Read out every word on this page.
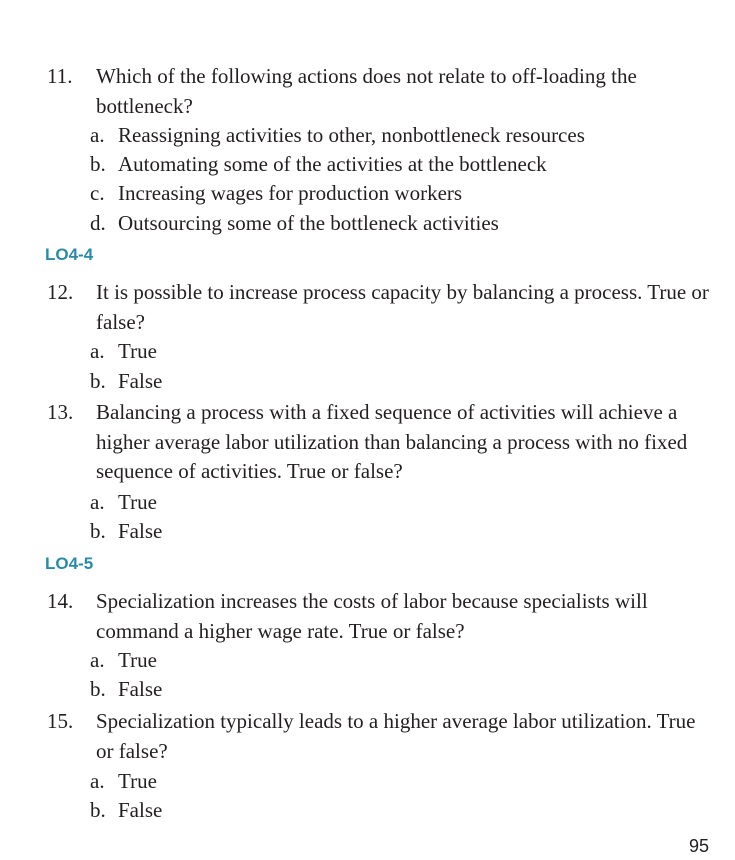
11. Which of the following actions does not relate to off-loading the bottleneck?
a. Reassigning activities to other, nonbottleneck resources
b. Automating some of the activities at the bottleneck
c. Increasing wages for production workers
d. Outsourcing some of the bottleneck activities
LO4-4
12. It is possible to increase process capacity by balancing a process. True or false?
a. True
b. False
13. Balancing a process with a fixed sequence of activities will achieve a higher average labor utilization than balancing a process with no fixed sequence of activities. True or false?
a. True
b. False
LO4-5
14. Specialization increases the costs of labor because specialists will command a higher wage rate. True or false?
a. True
b. False
15. Specialization typically leads to a higher average labor utilization. True or false?
a. True
b. False
95
